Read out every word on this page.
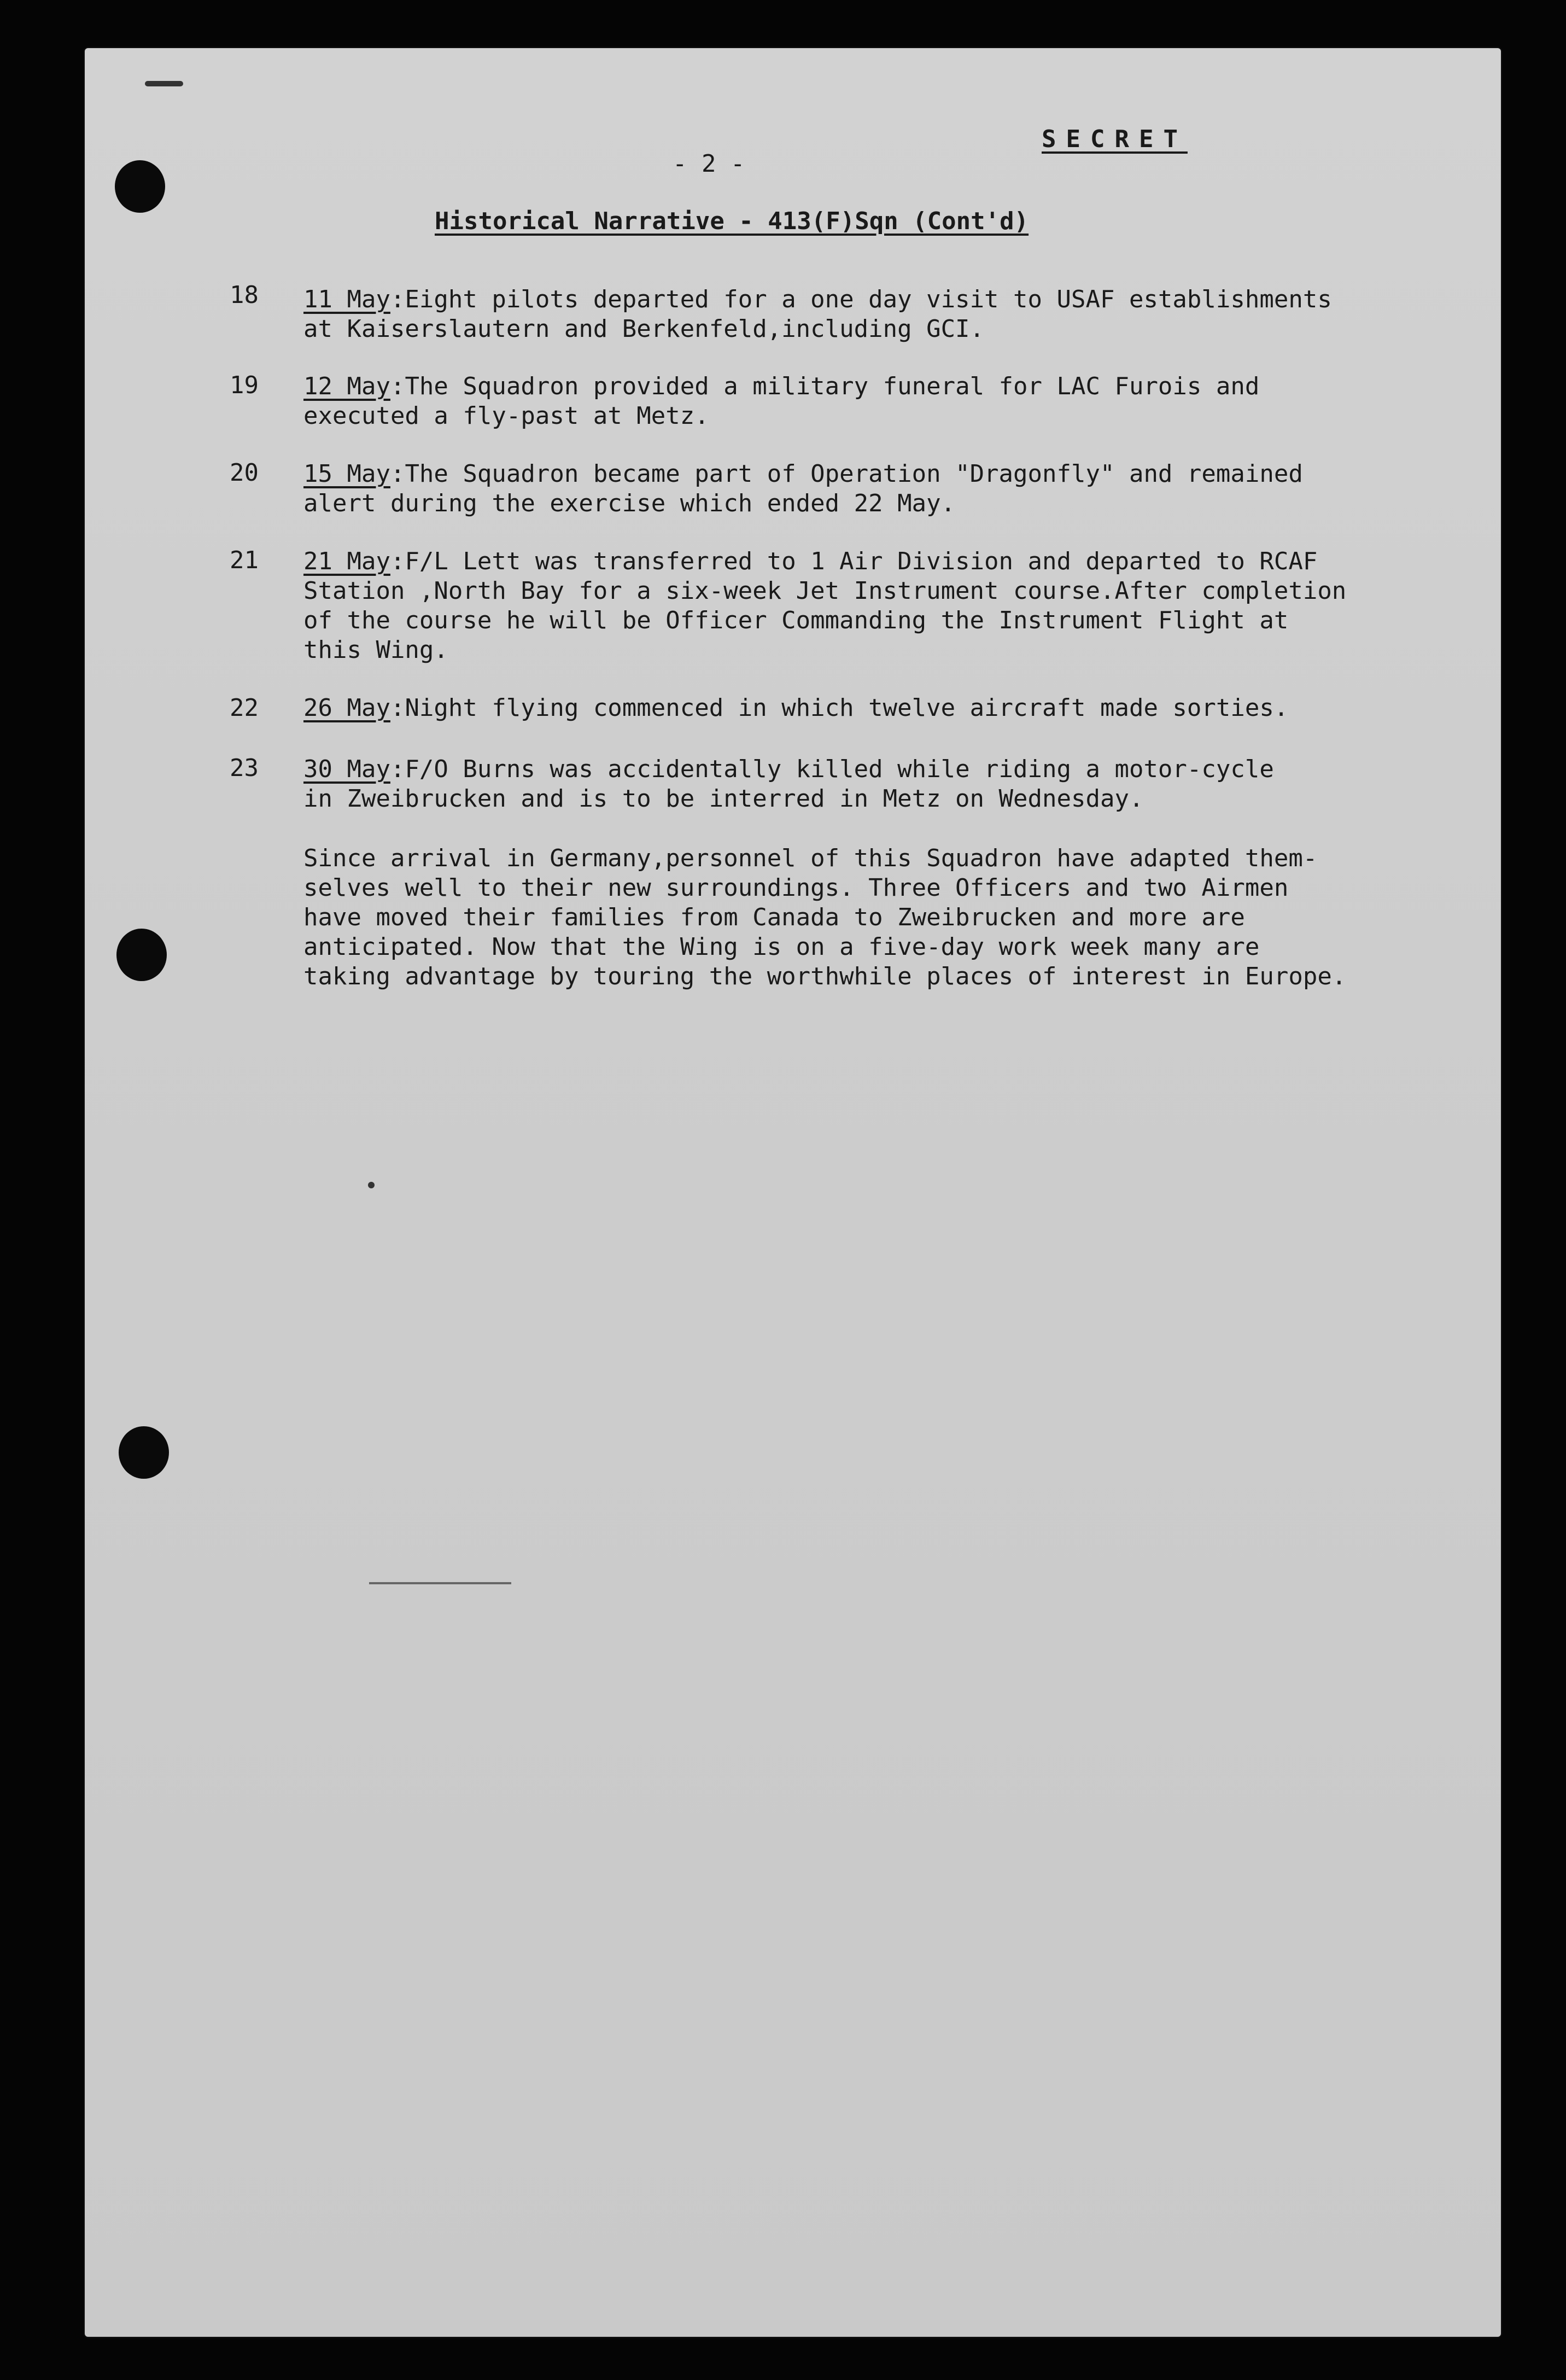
- 2 -

SECRET

Historical Narrative - 413(F)Sqn (Cont'd)

18 11 May:Eight pilots departed for a one day visit to USAF establishments
at Kaiserslautern and Berkenfeld,including GCI.

19 12 May:The Squadron provided a military funeral for LAC Furois and
executed a fly-past at Metz.

20 15 May:The Squadron became part of Operation "Dragonfly" and remained
alert during the exercise which ended 22 May.

21 21 May:F/L Lett was transferred to 1 Air Division and departed to RCAF
Station ,North Bay for a six-week Jet Instrument course.After completion
of the course he will be Officer Commanding the Instrument Flight at
this Wing.

22 26 May:Night flying commenced in which twelve aircraft made sorties.

23 30 May:F/O Burns was accidentally killed while riding a motor-cycle
in Zweibrucken and is to be interred in Metz on Wednesday.

Since arrival in Germany,personnel of this Squadron have adapted them-
selves well to their new surroundings. Three Officers and two Airmen
have moved their families from Canada to Zweibrucken and more are
anticipated. Now that the Wing is on a five-day work week many are
taking advantage by touring the worthwhile places of interest in Europe.
